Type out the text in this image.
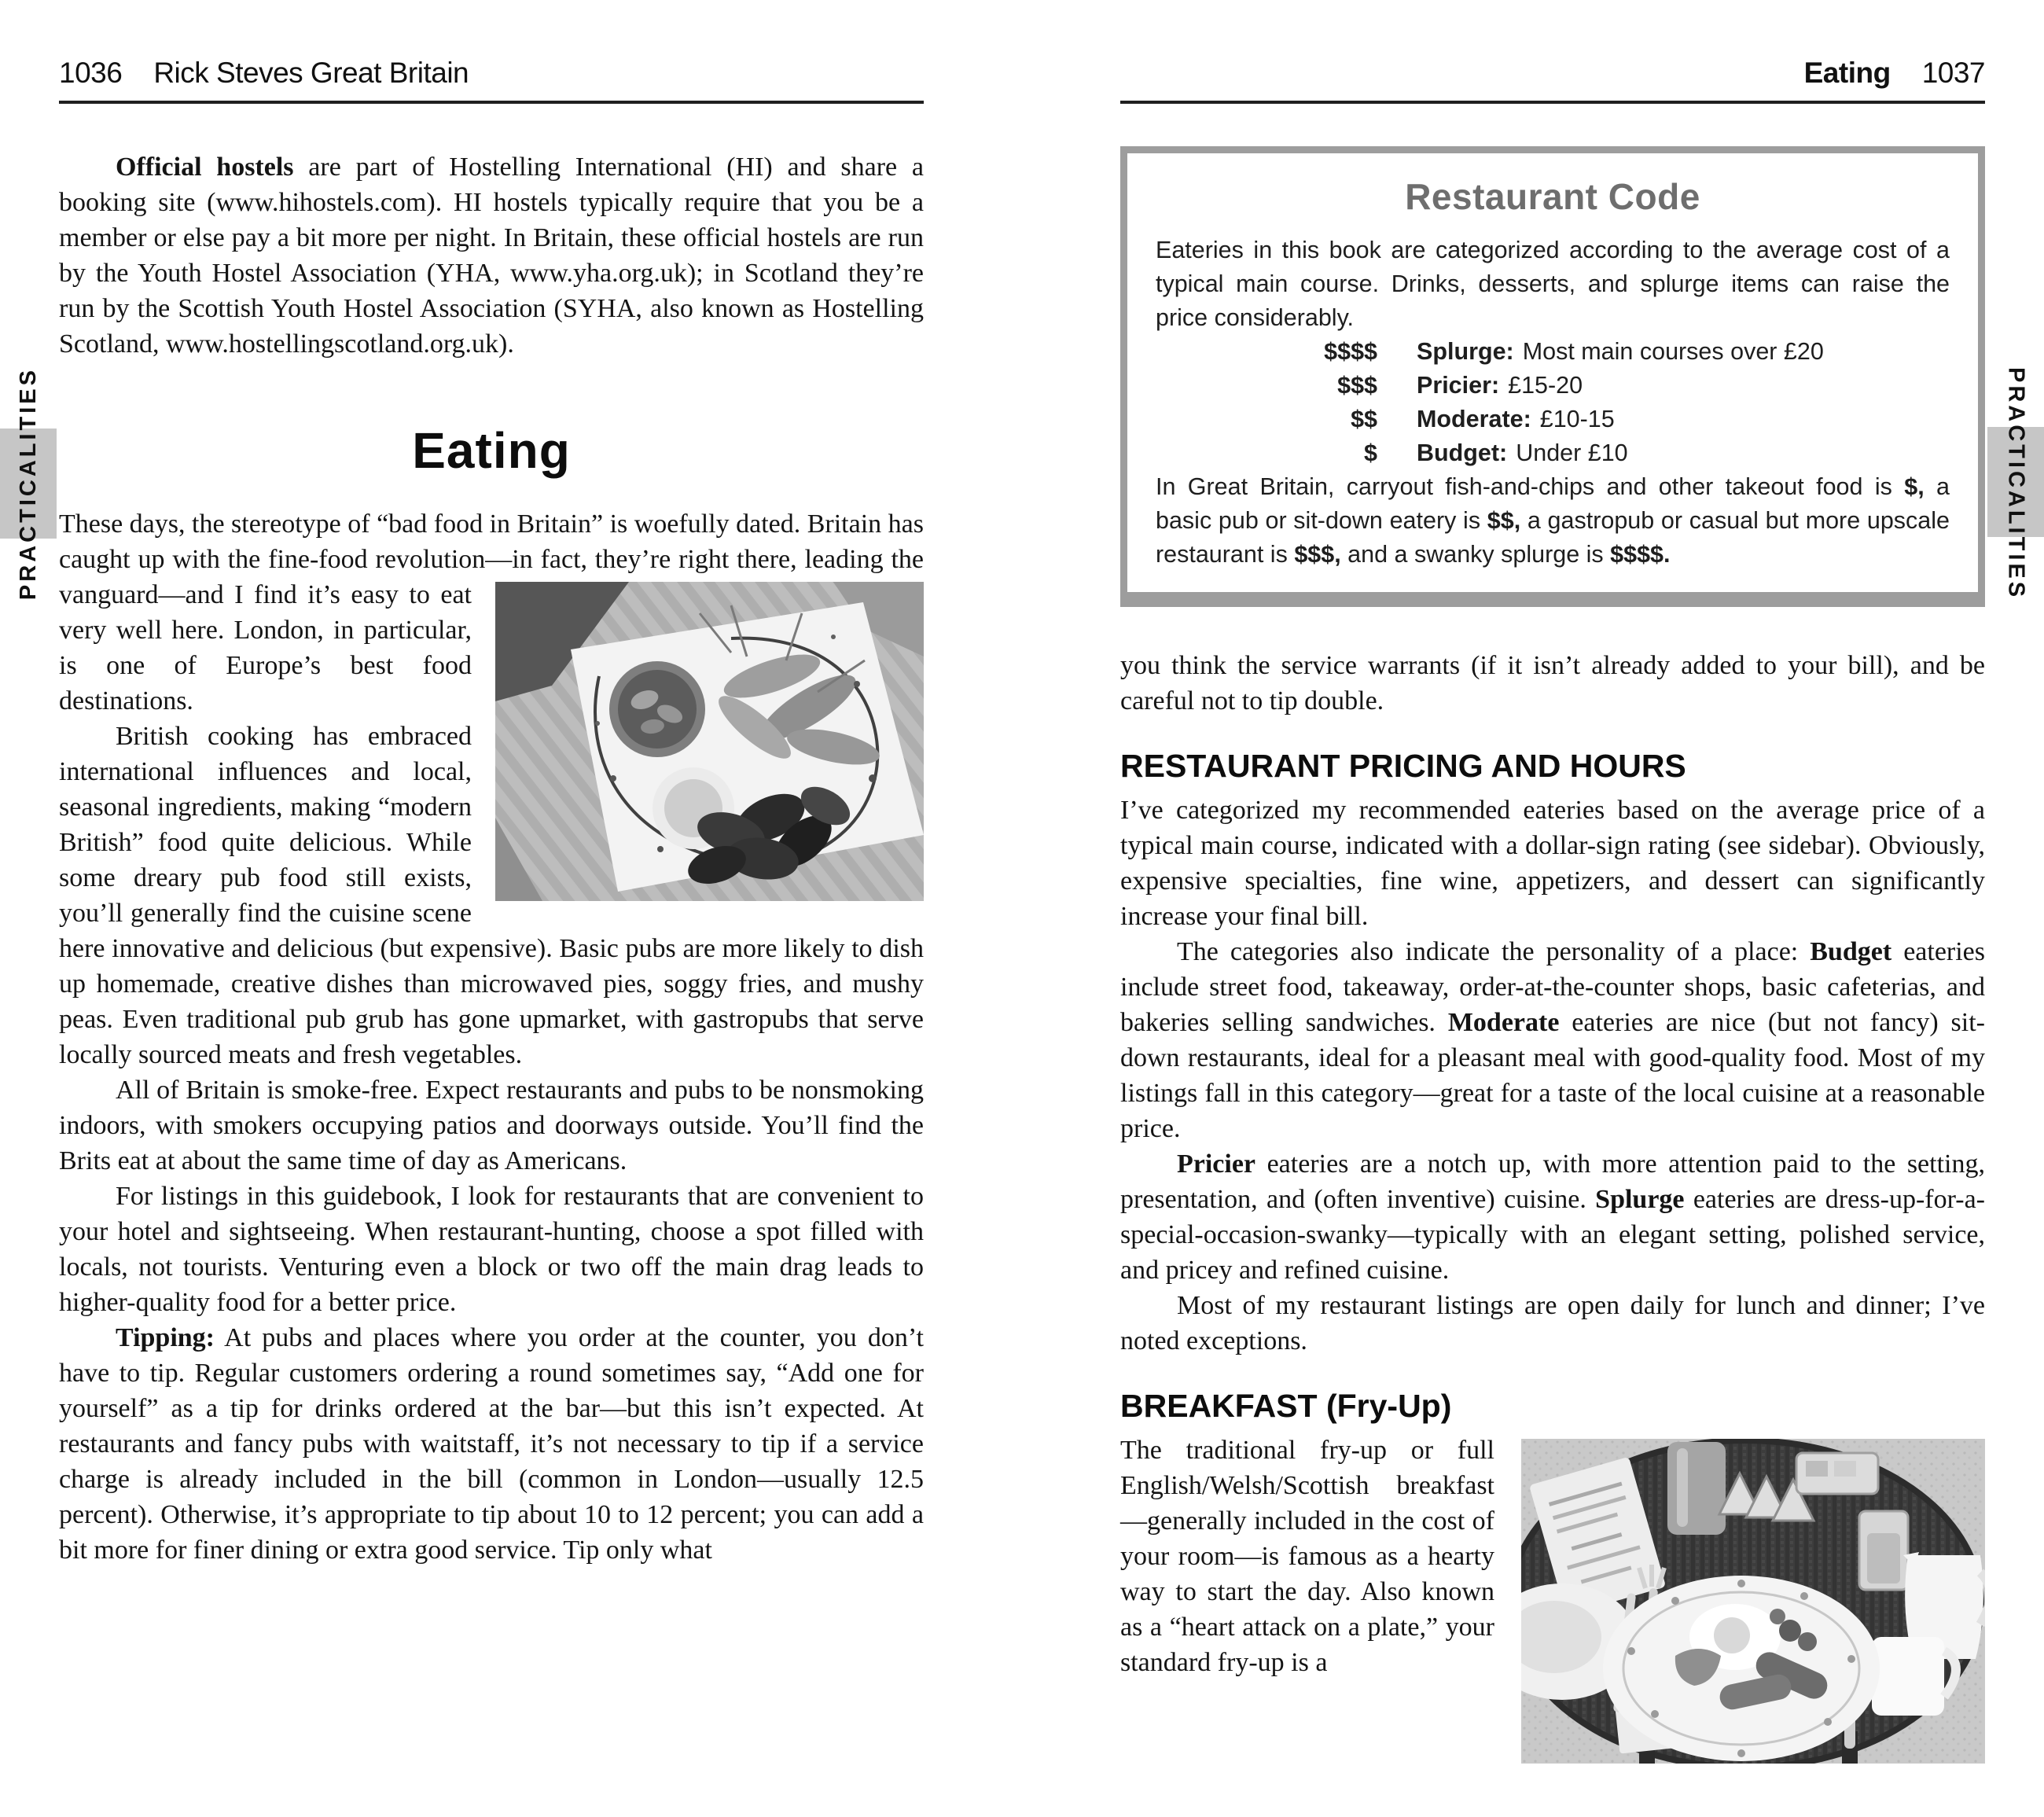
1036 Rick Steves Great Britain

Official hostels are part of Hostelling International (HI) and share a booking site (www.hihostels.com). HI hostels typically require that you be a member or else pay a bit more per night. In Britain, these official hostels are run by the Youth Hostel Association (YHA, www.yha.org.uk); in Scotland they’re run by the Scottish Youth Hostel Association (SYHA, also known as Hostelling Scotland, www.hostellingscotland.org.uk).

Eating

These days, the stereotype of “bad food in Britain” is woefully dated. Britain has caught up with the fine-food revolution—in fact,
they’re right there, leading the vanguard—and I find it’s easy to eat very well here. London, in particular, is one of Europe’s best food destinations.

British cooking has embraced international influences and local, seasonal ingredients, making “modern British” food quite delicious. While some dreary pub food still exists, you’ll generally find the cuisine scene here innovative and delicious (but expensive). Basic pubs are more likely to dish up homemade, creative dishes than microwaved pies, soggy fries, and mushy peas. Even traditional pub grub has gone upmarket, with gastropubs that serve locally sourced meats and fresh vegetables.

All of Britain is smoke-free. Expect restaurants and pubs to be nonsmoking indoors, with smokers occupying patios and doorways outside. You’ll find the Brits eat at about the same time of day as Americans.

For listings in this guidebook, I look for restaurants that are convenient to your hotel and sightseeing. When restaurant-hunting, choose a spot filled with locals, not tourists. Venturing even a block or two off the main drag leads to higher-quality food for a better price.

Tipping: At pubs and places where you order at the counter, you don’t have to tip. Regular customers ordering a round sometimes say, “Add one for yourself” as a tip for drinks ordered at the bar—but this isn’t expected. At restaurants and fancy pubs with waitstaff, it’s not necessary to tip if a service charge is already included in the bill (common in London—usually 12.5 percent). Otherwise, it’s appropriate to tip about 10 to 12 percent; you can add a bit more for finer dining or extra good service. Tip only what

Eating 1037
Restaurant Code

Eateries in this book are categorized according to the average cost of a typical main course. Drinks, desserts, and splurge items can raise the price considerably.

$$$$ Splurge: Most main courses over £20
$$$ Pricier: £15-20
$$ Moderate: £10-15
$ Budget: Under £10

In Great Britain, carryout fish-and-chips and other takeout food is $, a basic pub or sit-down eatery is $$, a gastropub or casual but more upscale restaurant is $$$, and a swanky splurge is $$$$.

you think the service warrants (if it isn’t already added to your bill), and be careful not to tip double.

RESTAURANT PRICING AND HOURS

I’ve categorized my recommended eateries based on the average price of a typical main course, indicated with a dollar-sign rating (see sidebar). Obviously, expensive specialties, fine wine, appetizers, and dessert can significantly increase your final bill.

The categories also indicate the personality of a place: Budget eateries include street food, takeaway, order-at-the-counter shops, basic cafeterias, and bakeries selling sandwiches. Moderate eateries are nice (but not fancy) sit-down restaurants, ideal for a pleasant meal with good-quality food. Most of my listings fall in this category—great for a taste of the local cuisine at a reasonable price.

Pricier eateries are a notch up, with more attention paid to the setting, presentation, and (often inventive) cuisine. Splurge eateries are dress-up-for-a-special-occasion-swanky—typically with an elegant setting, polished service, and pricey and refined cuisine.

Most of my restaurant listings are open daily for lunch and dinner; I’ve noted exceptions.

BREAKFAST (Fry-Up)

The traditional fry-up or full English/Welsh/Scottish breakfast—generally included in the cost of your room—is famous as a hearty way to start the day. Also known as a “heart attack on a plate,” your standard fry-up is a

PRACTICALITIES	PRACTICALITIES
